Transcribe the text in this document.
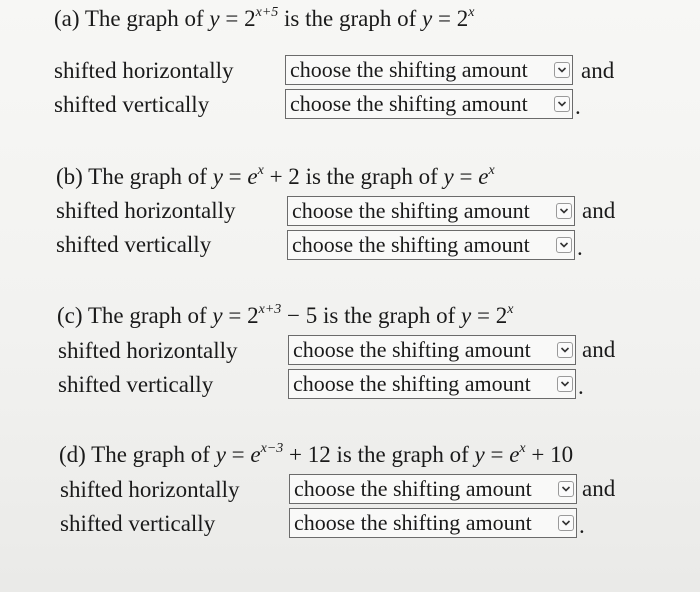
(a) The graph of $y = 2^{x+5}$ is the graph of $y = 2^x$
shifted horizontally	choose the shifting amount	and
shifted vertically	choose the shifting amount	.
(b) The graph of $y = e^x + 2$ is the graph of $y = e^x$
shifted horizontally	choose the shifting amount	and
shifted vertically	choose the shifting amount	.
(c) The graph of $y = 2^{x+3} - 5$ is the graph of $y = 2^x$
shifted horizontally	choose the shifting amount	and
shifted vertically	choose the shifting amount	.
(d) The graph of $y = e^{x-3} + 12$ is the graph of $y = e^x + 10$
shifted horizontally choose the shifting amount	and
shifted vertically	choose the shifting amount	.
